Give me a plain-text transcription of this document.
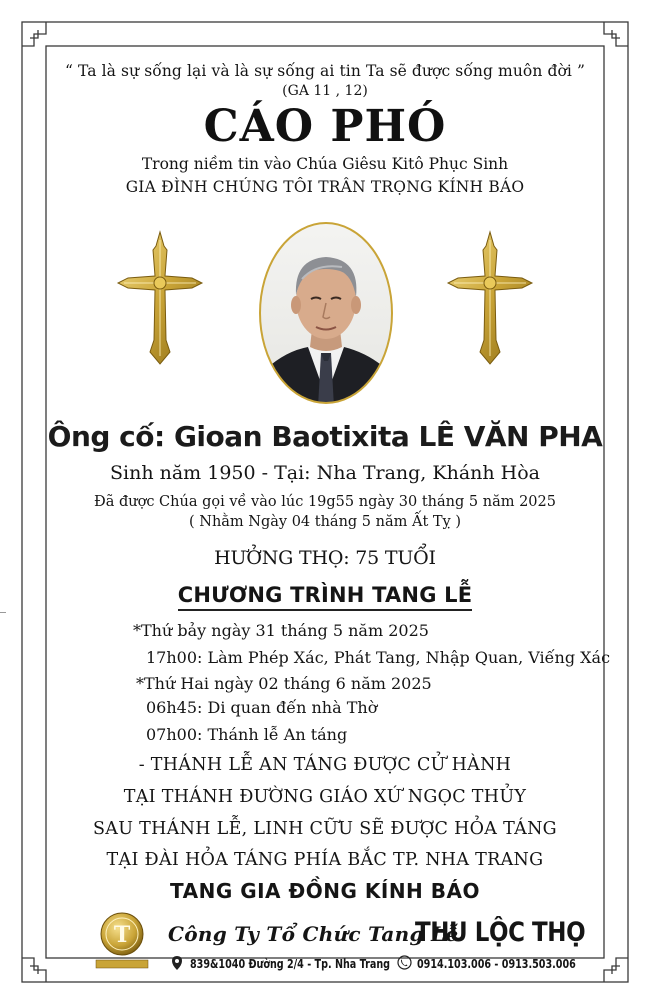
“ Ta là sự sống lại và là sự sống ai tin Ta sẽ được sống muôn đời ”
(GA 11 , 12)
CÁO PHÓ
Trong niềm tin vào Chúa Giêsu Kitô Phục Sinh
GIA ĐÌNH CHÚNG TÔI TRÂN TRỌNG KÍNH BÁO
Ông cố: Gioan Baotixita LÊ VĂN PHA
Sinh năm 1950 - Tại: Nha Trang, Khánh Hòa
Đã được Chúa gọi về vào lúc 19g55 ngày 30 tháng 5 năm 2025
( Nhằm Ngày 04 tháng 5 năm Ất Tỵ )
HƯỞNG THỌ: 75 TUỔI
CHƯƠNG TRÌNH TANG LỄ
*Thứ bảy ngày 31 tháng 5 năm 2025
17h00: Làm Phép Xác, Phát Tang, Nhập Quan, Viếng Xác
*Thứ Hai ngày 02 tháng 6 năm 2025
06h45: Di quan đến nhà Thờ
07h00: Thánh lễ An táng
- THÁNH LỄ AN TÁNG ĐƯỢC CỬ HÀNH
TẠI THÁNH ĐƯỜNG GIÁO XỨ NGỌC THỦY
SAU THÁNH LỄ, LINH CỮU SẼ ĐƯỢC HỎA TÁNG
TẠI ĐÀI HỎA TÁNG PHÍA BẮC TP. NHA TRANG
TANG GIA ĐỒNG KÍNH BÁO
T Công Ty Tổ Chức Tang Lễ
THU LỘC THỌ
839&1040 Đường 2/4 - Tp. Nha Trang 0914.103.006 - 0913.503.006
